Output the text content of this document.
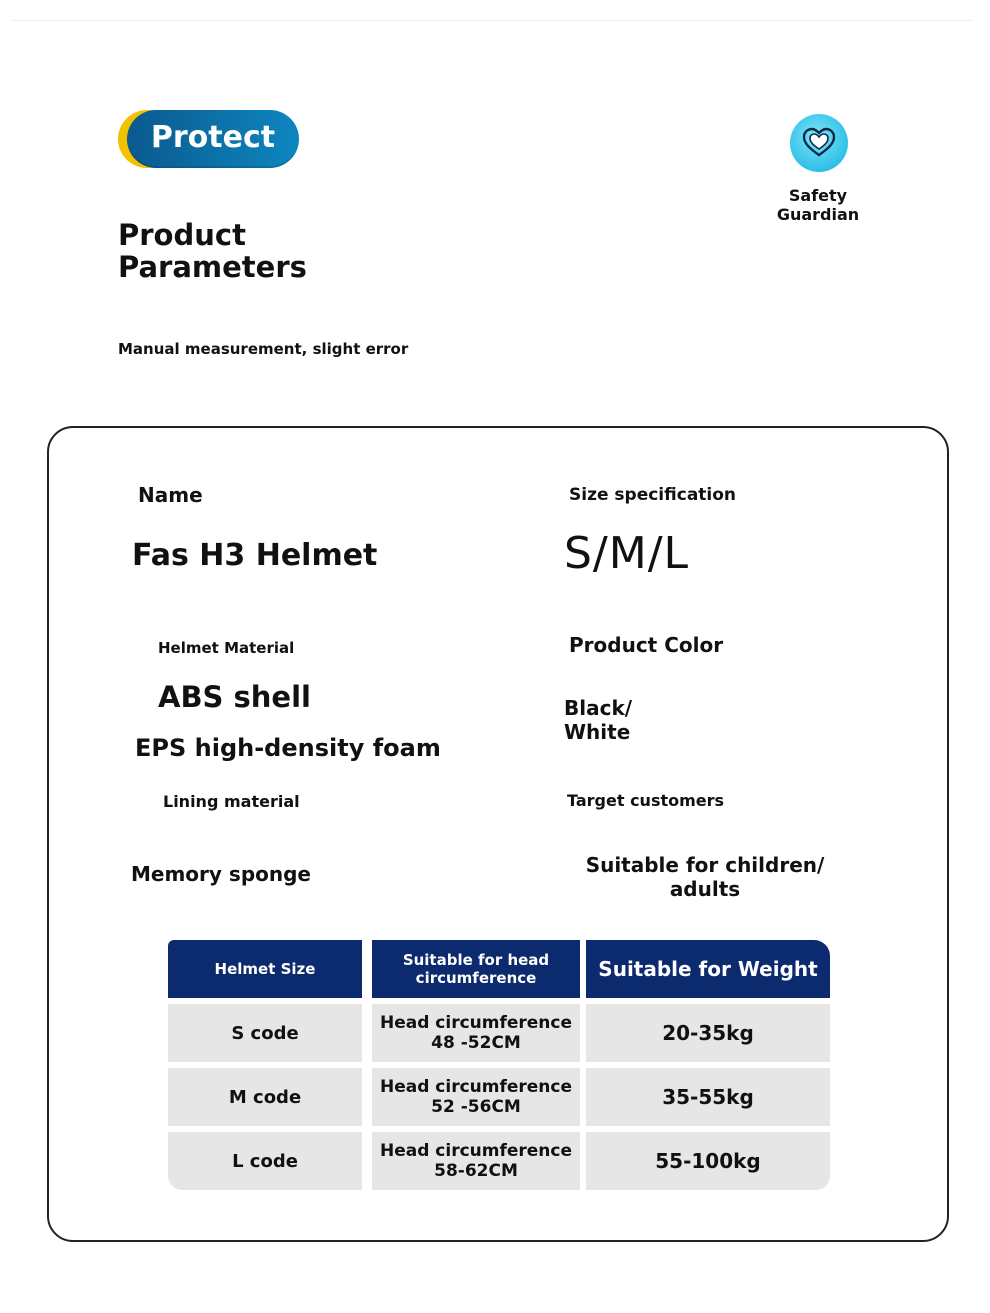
Protect
Safety Guardian
Product
Parameters
Manual measurement, slight error
Name
Fas H3 Helmet
Size specification
S/M/L
Helmet Material
ABS shell
EPS high-density foam
Product Color
Black/ White
Lining material
Memory sponge
Target customers
Suitable for children/ adults
Helmet Size	Suitable for head circumference	Suitable for Weight
S code	Head circumference 48 -52CM	20-35kg
M code	Head circumference 52 -56CM	35-55kg
L code	Head circumference 58-62CM	55-100kg
